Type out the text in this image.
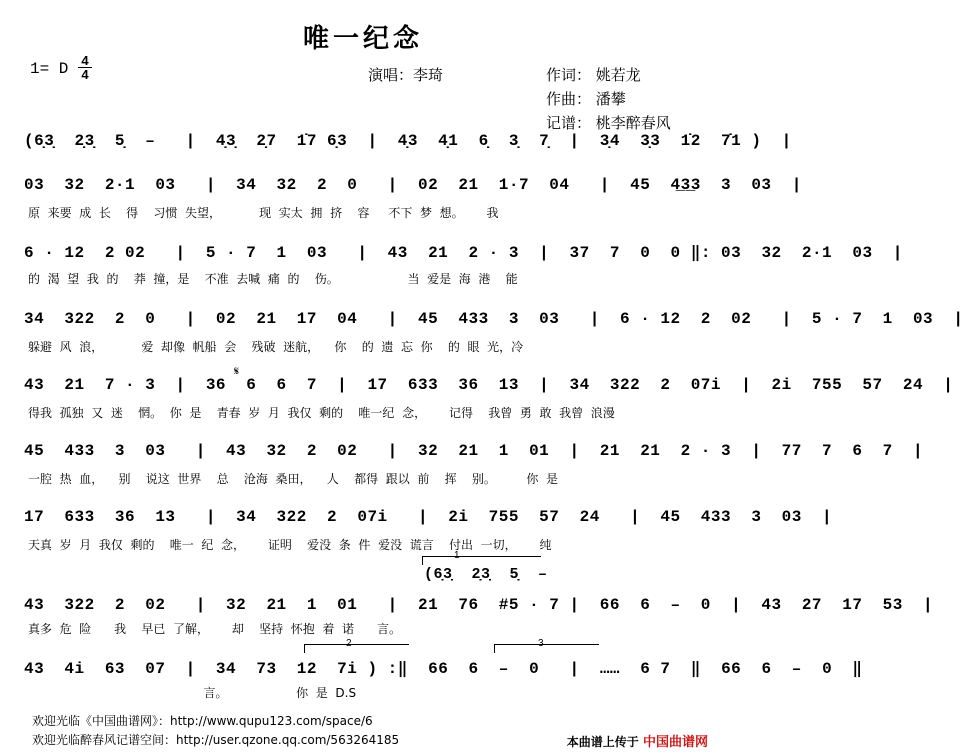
唯一纪念
1= D 4
4	演唱：李琦	作词： 姚若龙
作曲： 潘攀
记谱： 桃李醉春风
(6̣3̣  2̣3̣  5̣  –   |  4̣3̣  2̣7  1̇7 6̣3  |  4̣3  4̣1  6̣  3̣  7̣  |  3̣4  3̣3  1̇2  7̇1 )  |
03  32  2·1  03   |  34  32  2  0   |  02  21  1·7  04   |  45  4̲3̲3  3  03  |
原  来要  成  长    得    习惯  失望，          现  实太  拥  挤    容     不下  梦  想。      我
6 · 12  2 02   |  5 · 7  1  03   |  43  21  2 · 3  |  37  7  0  0 ‖: 03  32  2·1  03  |
的  渴  望  我  的    莽  撞，是    不准  去喊  痛  的    伤。                  当  爱是  海  港    能
𝄋
34  322  2  0   |  02  21  17  04   |  45  433  3  03   |  6 · 12  2  02   |  5 · 7  1  03  |
躲避  风  浪，          爱  却像  帆船  会    残破  迷航，    你    的  遗  忘  你    的  眼  光，冷
43  21  7 · 3  |  36  6  6  7  |  17  633  36  13  |  34  322  2  07i  |  2i  755  57  24  |
得我  孤独  又  迷    惘。  你  是    青春  岁  月  我仅  剩的    唯一纪  念，      记得    我曾  勇  敢  我曾  浪漫
45  433  3  03   |  43  32  2  02   |  32  21  1  01  |  21  21  2 · 3  |  77  7  6  7  |
一腔  热  血，    别    说这  世界    总    沧海  桑田，    人    都得  跟以  前    挥    别。        你  是
17  633  36  13   |  34  322  2  07i   |  2i  755  57  24   |  45  433  3  03  |
天真  岁  月  我仅  剩的    唯一  纪  念，      证明    爱没  条  件  爱没  谎言    付出  一切，      纯
1
(6̣3̣  2̣3̣  5̣  –
43  322  2  02   |  32  21  1  01   |  21  76  #5 · 7 |  66  6  –  0  |  43  27  17  53  |
真多  危  险      我    早已  了解，      却    坚持  怀抱  着  诺      言。
2	3
43  4i  63  07  |  34  73  12  7i ) :‖  66  6  –  0   |  ……  6 7  ‖  66  6  –  0  ‖
言。                  你  是  D.S
欢迎光临《中国曲谱网》：http://www.qupu123.com/space/6
欢迎光临醉春风记谱空间：http://user.qzone.qq.com/563264185	本曲谱上传于 中国曲谱网
